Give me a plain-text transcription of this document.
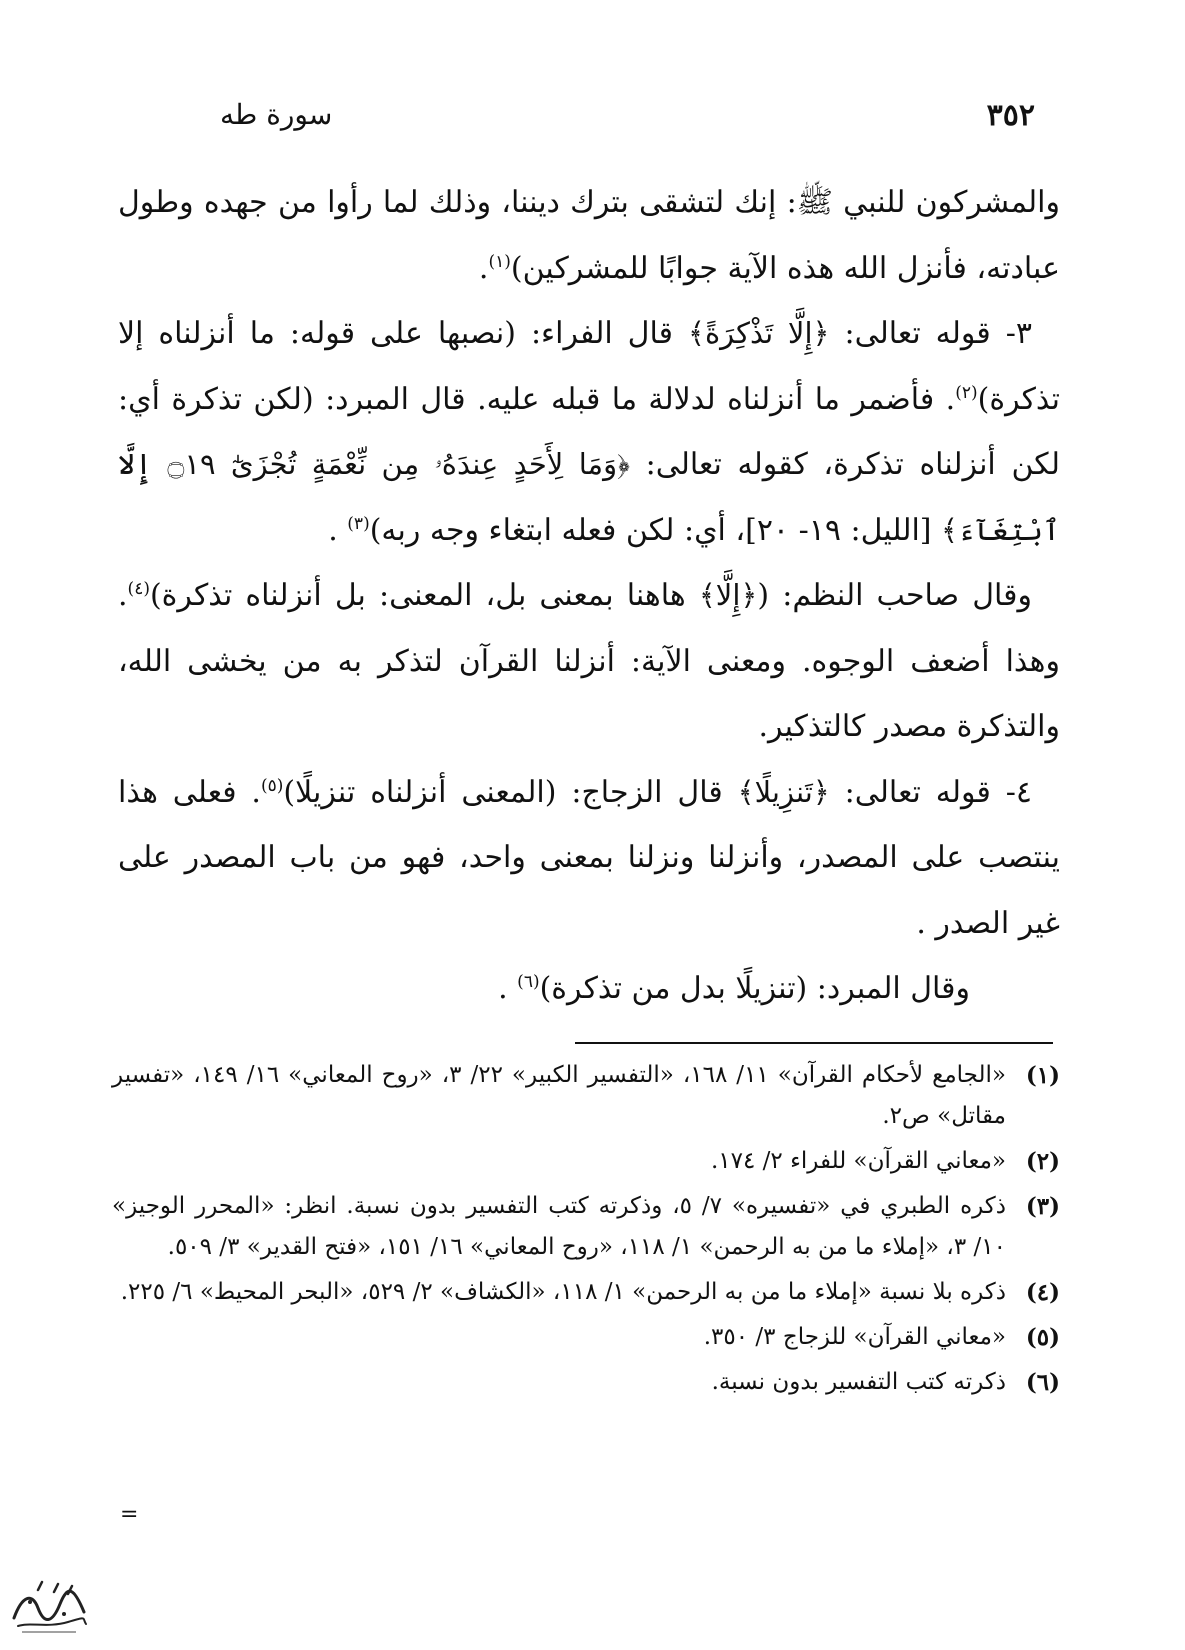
٣٥٢
سورة طه

والمشركون للنبي ﷺ: إنك لتشقى بترك ديننا، وذلك لما رأوا من جهده وطول عبادته، فأنزل الله هذه الآية جوابًا للمشركين)$^{(١)}$.

٣- قوله تعالى: ﴿إِلَّا تَذْكِرَةً﴾ قال الفراء: (نصبها على قوله: ما أنزلناه إلا تذكرة)$^{(٢)}$. فأضمر ما أنزلناه لدلالة ما قبله عليه. قال المبرد: (لكن تذكرة أي: لكن أنزلناه تذكرة، كقوله تعالى: ﴿وَمَا لِأَحَدٍ عِندَهُۥ مِن نِّعْمَةٍ تُجْزَىٰٓ ۝١٩ إِلَّا ٱبْتِغَآءَ﴾ [الليل: ١٩- ٢٠]، أي: لكن فعله ابتغاء وجه ربه)$^{(٣)}$ .

وقال صاحب النظم: (﴿إِلَّا﴾ هاهنا بمعنى بل، المعنى: بل أنزلناه تذكرة)$^{(٤)}$. وهذا أضعف الوجوه. ومعنى الآية: أنزلنا القرآن لتذكر به من يخشى الله، والتذكرة مصدر كالتذكير.

٤- قوله تعالى: ﴿تَنزِيلًا﴾ قال الزجاج: (المعنى أنزلناه تنزيلًا)$^{(٥)}$. فعلى هذا ينتصب على المصدر، وأنزلنا ونزلنا بمعنى واحد، فهو من باب المصدر على غير الصدر .

وقال المبرد: (تنزيلًا بدل من تذكرة)$^{(٦)}$ .

(١)
«الجامع لأحكام القرآن» ١١/ ١٦٨، «التفسير الكبير» ٢٢/ ٣، «روح المعاني» ١٦/ ١٤٩، «تفسير مقاتل» ص٢.
(٢)
«معاني القرآن» للفراء ٢/ ١٧٤.
(٣)
ذكره الطبري في «تفسيره» ٧/ ٥، وذكرته كتب التفسير بدون نسبة. انظر: «المحرر الوجيز» ١٠/ ٣، «إملاء ما من به الرحمن» ١/ ١١٨، «روح المعاني» ١٦/ ١٥١، «فتح القدير» ٣/ ٥٠٩.
(٤)
ذكره بلا نسبة «إملاء ما من به الرحمن» ١/ ١١٨، «الكشاف» ٢/ ٥٢٩، «البحر المحيط» ٦/ ٢٢٥.
(٥)
«معاني القرآن» للزجاج ٣/ ٣٥٠.
(٦)
ذكرته كتب التفسير بدون نسبة.
=
